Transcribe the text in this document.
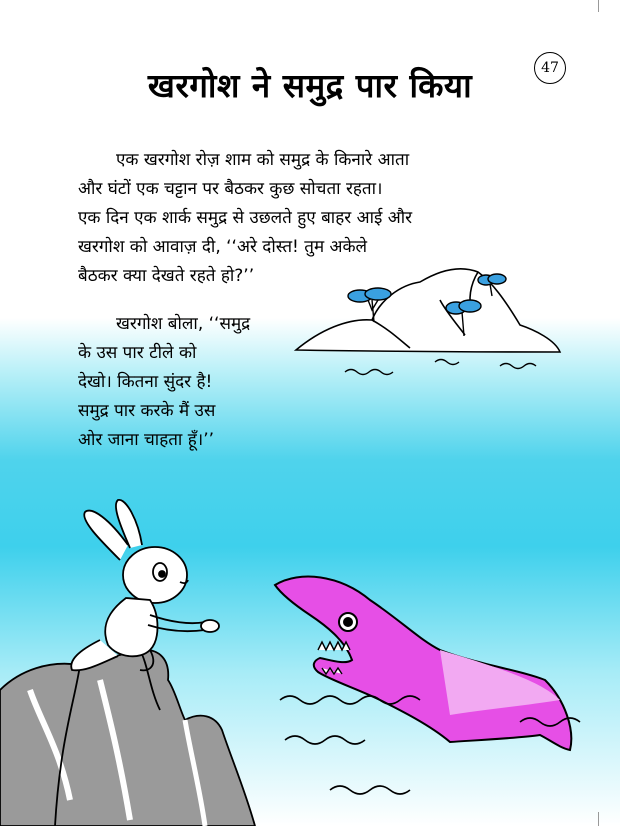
47
खरगोश ने समुद्र पार किया

एक खरगोश रोज़ शाम को समुद्र के किनारे आता
और घंटों एक चट्टान पर बैठकर कुछ सोचता रहता।
एक दिन एक शार्क समुद्र से उछलते हुए बाहर आई और
खरगोश को आवाज़ दी, ‘‘अरे दोस्त! तुम अकेले
बैठकर क्या देखते रहते हो?’’

खरगोश बोला, ‘‘समुद्र
के उस पार टीले को
देखो। कितना सुंदर है!
समुद्र पार करके मैं उस
ओर जाना चाहता हूँ।’’
